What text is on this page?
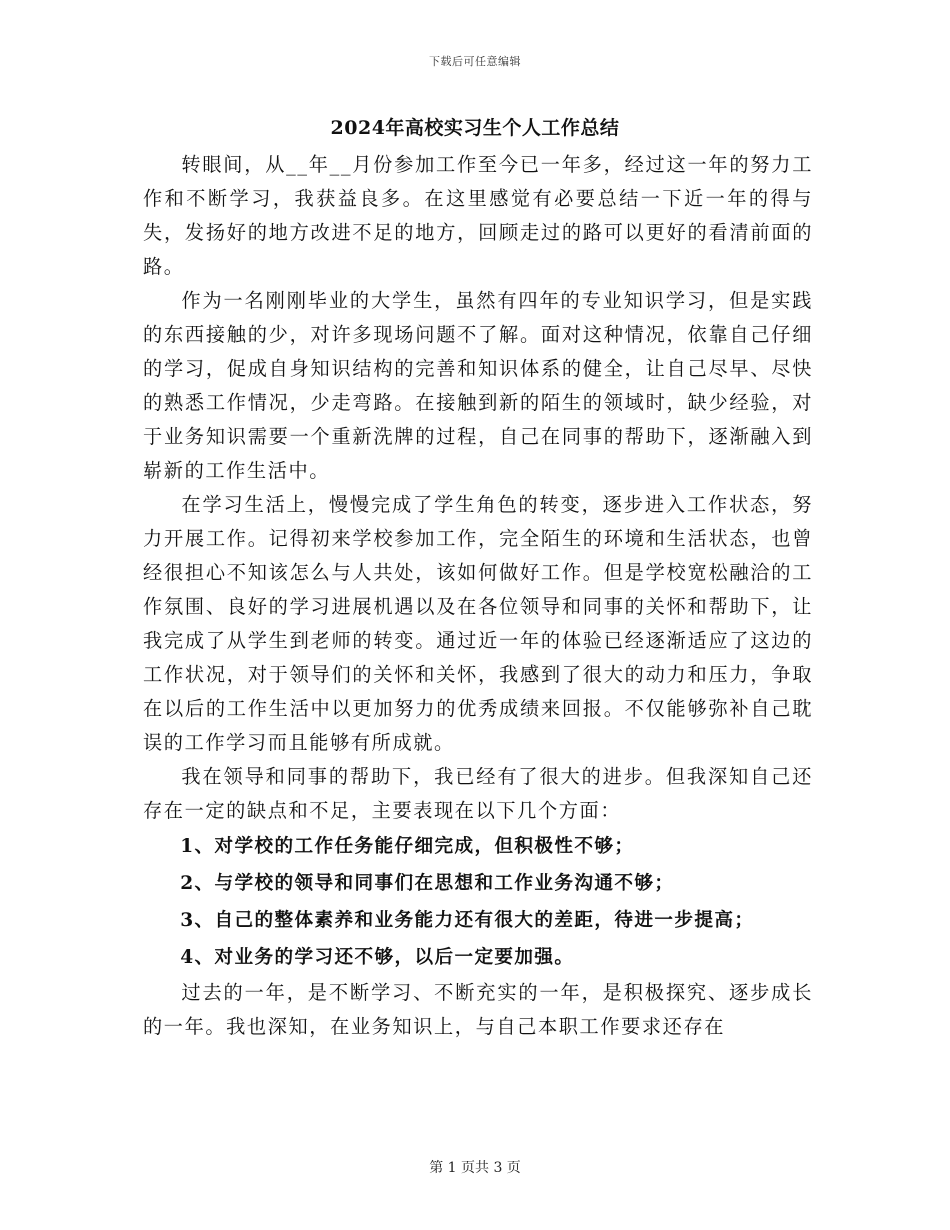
下载后可任意编辑
2024年高校实习生个人工作总结

转眼间，从__年__月份参加工作至今已一年多，经过这一年的努力工作和不断学习，我获益良多。在这里感觉有必要总结一下近一年的得与失，发扬好的地方改进不足的地方，回顾走过的路可以更好的看清前面的路。

作为一名刚刚毕业的大学生，虽然有四年的专业知识学习，但是实践的东西接触的少，对许多现场问题不了解。面对这种情况，依靠自己仔细的学习，促成自身知识结构的完善和知识体系的健全，让自己尽早、尽快的熟悉工作情况，少走弯路。在接触到新的陌生的领域时，缺少经验，对于业务知识需要一个重新洗牌的过程，自己在同事的帮助下，逐渐融入到崭新的工作生活中。

在学习生活上，慢慢完成了学生角色的转变，逐步进入工作状态，努力开展工作。记得初来学校参加工作，完全陌生的环境和生活状态，也曾经很担心不知该怎么与人共处，该如何做好工作。但是学校宽松融洽的工作氛围、良好的学习进展机遇以及在各位领导和同事的关怀和帮助下，让我完成了从学生到老师的转变。通过近一年的体验已经逐渐适应了这边的工作状况，对于领导们的关怀和关怀，我感到了很大的动力和压力，争取在以后的工作生活中以更加努力的优秀成绩来回报。不仅能够弥补自己耽误的工作学习而且能够有所成就。

我在领导和同事的帮助下，我已经有了很大的进步。但我深知自己还存在一定的缺点和不足，主要表现在以下几个方面：

1、对学校的工作任务能仔细完成，但积极性不够；

2、与学校的领导和同事们在思想和工作业务沟通不够；

3、自己的整体素养和业务能力还有很大的差距，待进一步提高；

4、对业务的学习还不够，以后一定要加强。

过去的一年，是不断学习、不断充实的一年，是积极探究、逐步成长的一年。我也深知，在业务知识上，与自己本职工作要求还存在

第 1 页共 3 页
